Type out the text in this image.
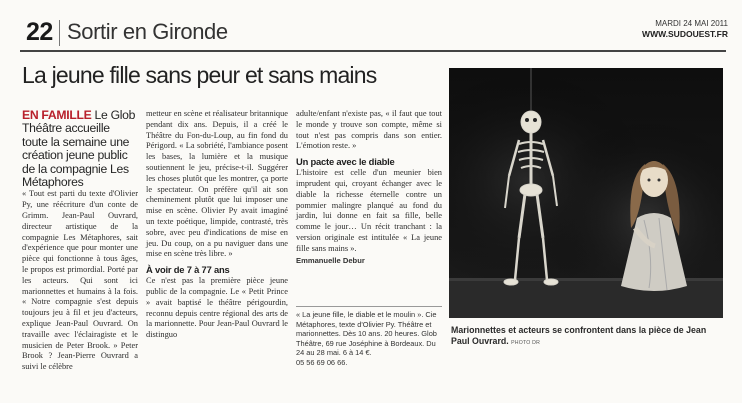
22 Sortir en Gironde	MARDI 24 MAI 2011
WWW.SUDOUEST.FR
La jeune fille sans peur et sans mains

EN FAMILLE Le Glob Théâtre accueille toute la semaine une création jeune public de la compagnie Les Métaphores

« Tout est parti du texte d'Olivier Py, une réécriture d'un conte de Grimm. Jean-Paul Ouvrard, directeur artistique de la compagnie Les Métaphores, sait d'expérience que pour monter une pièce qui fonctionne à tous âges, le propos est primordial. Porté par les acteurs. Qui sont ici marionnettes et humains à la fois. « Notre compagnie s'est depuis toujours jeu à fil et jeu d'acteurs, explique Jean-Paul Ouvrard. On travaille avec l'éclairagiste et le musicien de Peter Brook. » Peter Brook ? Jean-Pierre Ouvrard a suivi le célèbre

metteur en scène et réalisateur britannique pendant dix ans. Depuis, il a créé le Théâtre du Fon-du-Loup, au fin fond du Périgord. « La sobriété, l'ambiance posent les bases, la lumière et la musique soutiennent le jeu, précise-t-il. Suggérer les choses plutôt que les montrer, ça porte le spectateur. On préfère qu'il ait son cheminement plutôt que lui imposer une mise en scène. Olivier Py avait imaginé un texte poétique, limpide, contrasté, très sobre, avec peu d'indications de mise en jeu. Du coup, on a pu naviguer dans une mise en scène très libre. »

À voir de 7 à 77 ans

Ce n'est pas la première pièce jeune public de la compagnie. Le « Petit Prince » avait baptisé le théâtre périgourdin, reconnu depuis centre régional des arts de la marionnette. Pour Jean-Paul Ouvrard le distinguo

adulte/enfant n'existe pas, « il faut que tout le monde y trouve son compte, même si tout n'est pas compris dans son entier. L'émotion reste. »

Un pacte avec le diable

L'histoire est celle d'un meunier bien imprudent qui, croyant échanger avec le diable la richesse éternelle contre un pommier malingre planqué au fond du jardin, lui donne en fait sa fille, belle comme le jour… Un récit tranchant : la version originale est intitulée « La jeune fille sans mains ».

Emmanuelle Debur

« La jeune fille, le diable et le moulin ». Cie Métaphores, texte d'Olivier Py. Théâtre et marionnettes. Dès 10 ans. 20 heures. Glob Théâtre, 69 rue Joséphine à Bordeaux. Du 24 au 28 mai. 6 à 14 €.

05 56 69 06 66.

Marionnettes et acteurs se confrontent dans la pièce de Jean Paul Ouvrard. PHOTO DR
